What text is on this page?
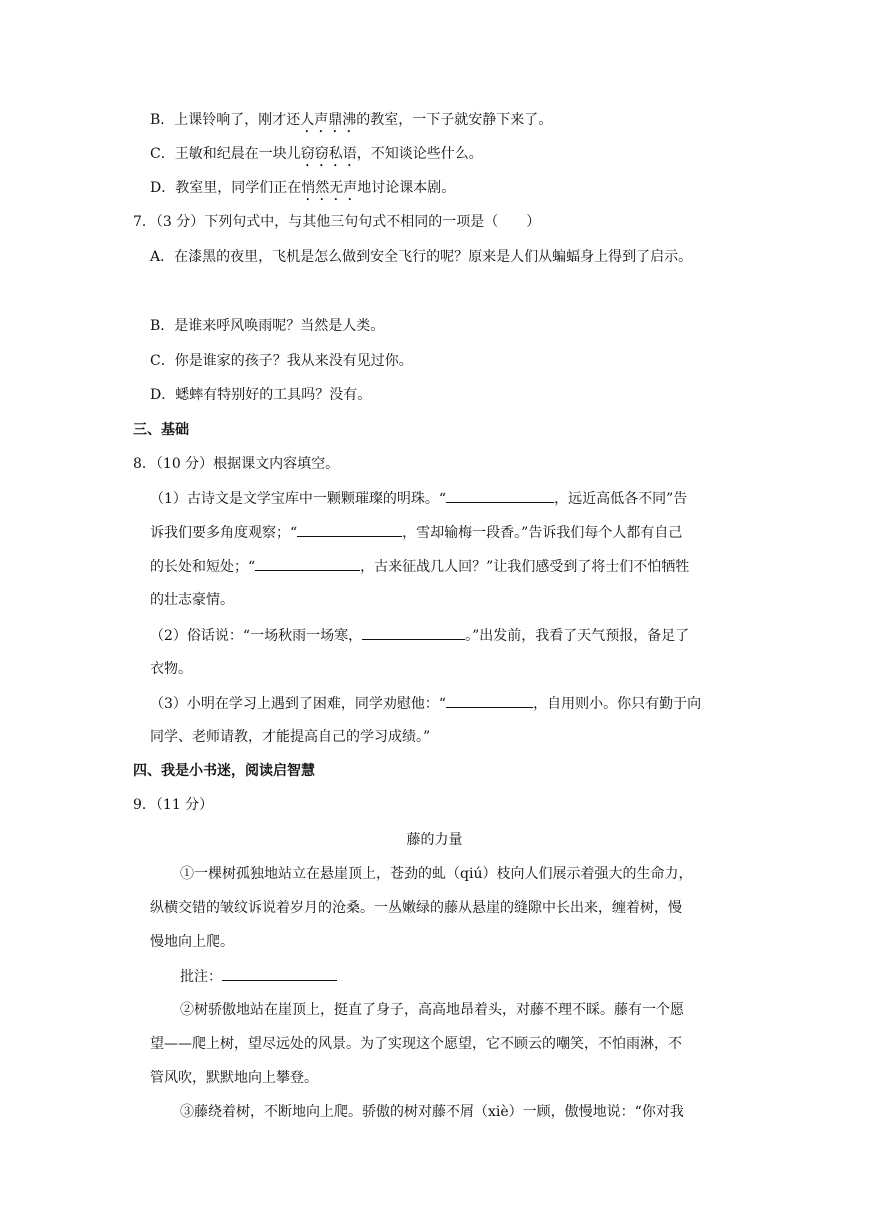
B．上课铃响了，刚才还人声鼎沸的教室，一下子就安静下来了。
C．王敏和纪晨在一块儿窃窃私语，不知谈论些什么。
D．教室里，同学们正在悄然无声地讨论课本剧。
7．（3 分）下列句式中，与其他三句句式不相同的一项是（　　）
A．在漆黑的夜里，飞机是怎么做到安全飞行的呢？原来是人们从蝙蝠身上得到了启示。
B．是谁来呼风唤雨呢？当然是人类。
C．你是谁家的孩子？我从来没有见过你。
D．蟋蟀有特别好的工具吗？没有。
三、基础
8．（10 分）根据课文内容填空。
（1）古诗文是文学宝库中一颗颗璀璨的明珠。“	，远近高低各不同”告
诉我们要多角度观察；“	，雪却输梅一段香。”告诉我们每个人都有自己
的长处和短处；“	，古来征战几人回？”让我们感受到了将士们不怕牺牲
的壮志豪情。
（2）俗话说：“一场秋雨一场寒，	。”出发前，我看了天气预报，备足了
衣物。
（3）小明在学习上遇到了困难，同学劝慰他：“	，自用则小。你只有勤于向
同学、老师请教，才能提高自己的学习成绩。”
四、我是小书迷，阅读启智慧
9．（11 分）
藤的力量
①一棵树孤独地站立在悬崖顶上，苍劲的虬（qiú）枝向人们展示着强大的生命力，
纵横交错的皱纹诉说着岁月的沧桑。一丛嫩绿的藤从悬崖的缝隙中长出来，缠着树，慢
慢地向上爬。
批注：
②树骄傲地站在崖顶上，挺直了身子，高高地昂着头，对藤不理不睬。藤有一个愿
望——爬上树，望尽远处的风景。为了实现这个愿望，它不顾云的嘲笑，不怕雨淋，不
管风吹，默默地向上攀登。
③藤绕着树，不断地向上爬。骄傲的树对藤不屑（xiè）一顾，傲慢地说：“你对我
